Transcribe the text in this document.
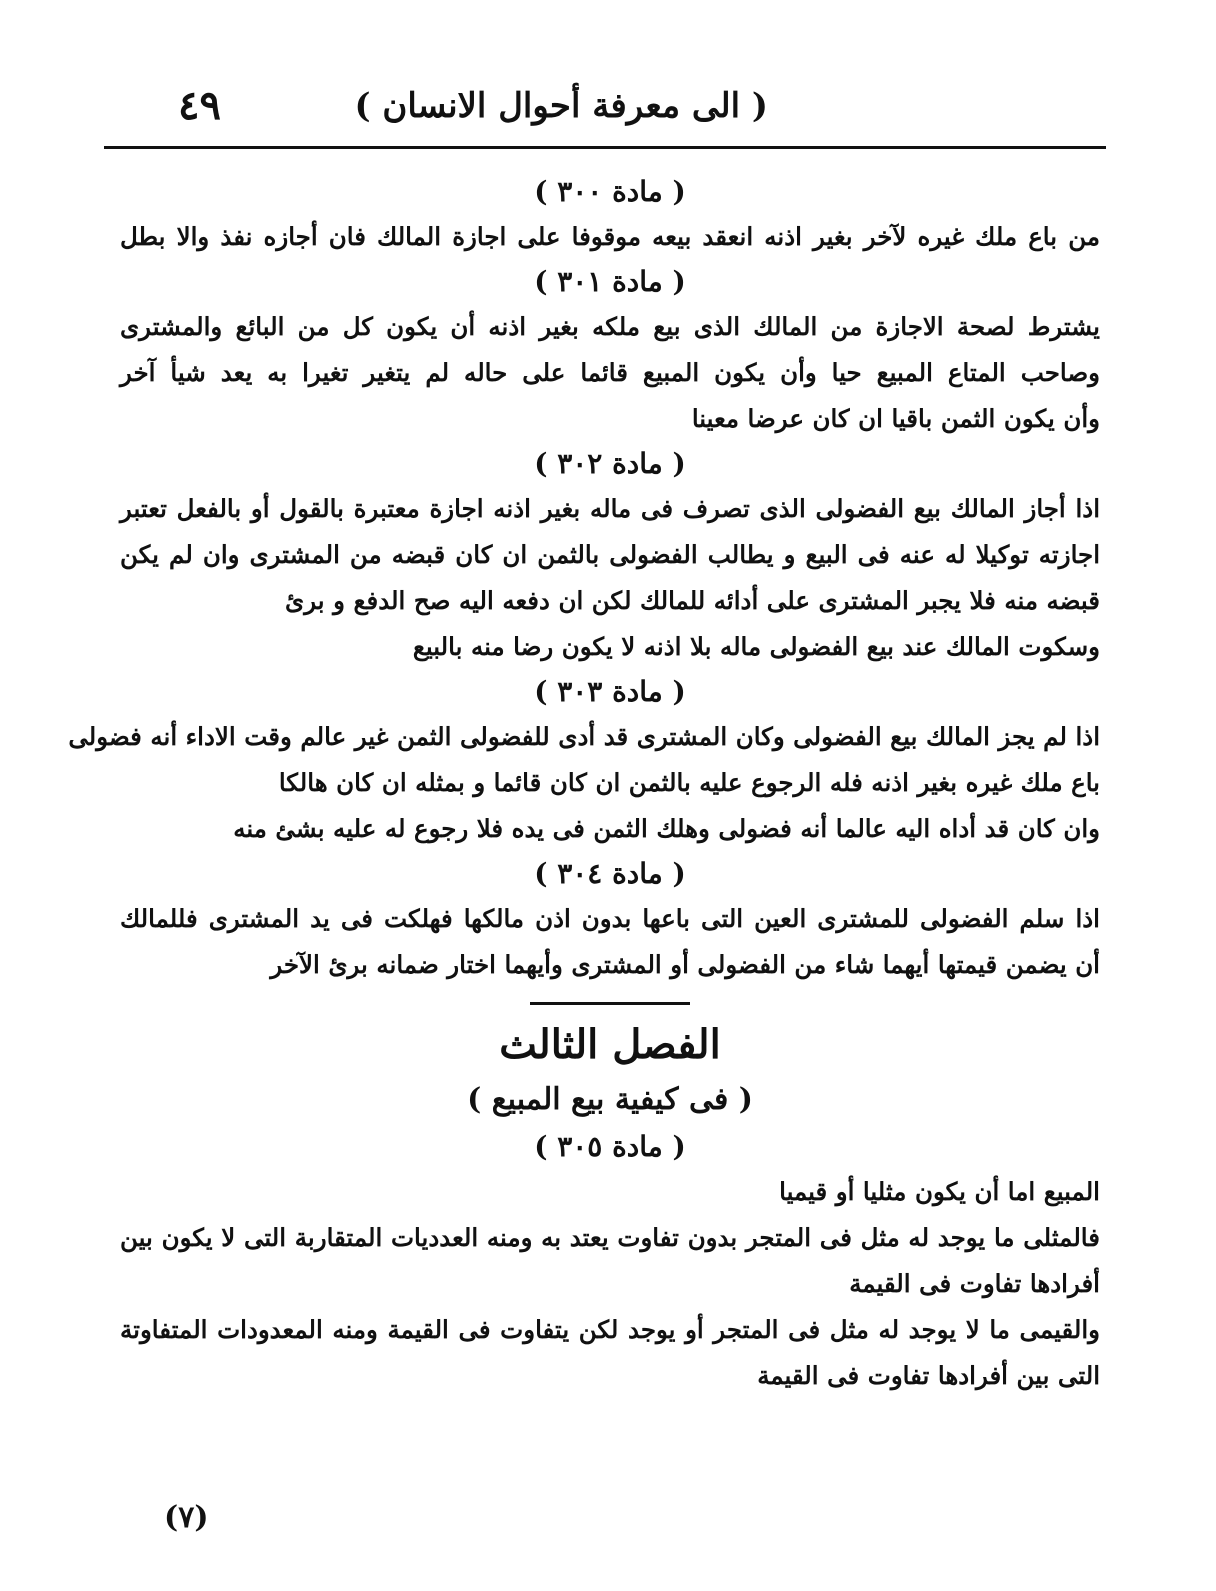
( الى معرفة أحوال الانسان )
٤٩
( مادة ٣٠٠ )
من باع ملك غيره لآخر بغير اذنه انعقد بيعه موقوفا على اجازة المالك فان أجازه نفذ والا بطل
( مادة ٣٠١ )
يشترط لصحة الاجازة من المالك الذى بيع ملكه بغير اذنه أن يكون كل من البائع والمشترى
وصاحب المتاع المبيع حيا وأن يكون المبيع قائما على حاله لم يتغير تغيرا به يعد شيأ آخر
وأن يكون الثمن باقيا ان كان عرضا معينا
( مادة ٣٠٢ )
اذا أجاز المالك بيع الفضولى الذى تصرف فى ماله بغير اذنه اجازة معتبرة بالقول أو بالفعل تعتبر
اجازته توكيلا له عنه فى البيع و يطالب الفضولى بالثمن ان كان قبضه من المشترى وان لم يكن
قبضه منه فلا يجبر المشترى على أدائه للمالك لكن ان دفعه اليه صح الدفع و برئ
وسكوت المالك عند بيع الفضولى ماله بلا اذنه لا يكون رضا منه بالبيع
( مادة ٣٠٣ )
اذا لم يجز المالك بيع الفضولى وكان المشترى قد أدى للفضولى الثمن غير عالم وقت الاداء أنه فضولى
باع ملك غيره بغير اذنه فله الرجوع عليه بالثمن ان كان قائما و بمثله ان كان هالكا
وان كان قد أداه اليه عالما أنه فضولى وهلك الثمن فى يده فلا رجوع له عليه بشئ منه
( مادة ٣٠٤ )
اذا سلم الفضولى للمشترى العين التى باعها بدون اذن مالكها فهلكت فى يد المشترى فللمالك
أن يضمن قيمتها أيهما شاء من الفضولى أو المشترى وأيهما اختار ضمانه برئ الآخر
الفصل الثالث
( فى كيفية بيع المبيع )
( مادة ٣٠٥ )
المبيع اما أن يكون مثليا أو قيميا
فالمثلى ما يوجد له مثل فى المتجر بدون تفاوت يعتد به ومنه العدديات المتقاربة التى لا يكون بين
أفرادها تفاوت فى القيمة
والقيمى ما لا يوجد له مثل فى المتجر أو يوجد لكن يتفاوت فى القيمة ومنه المعدودات المتفاوتة
التى بين أفرادها تفاوت فى القيمة
(٧)
